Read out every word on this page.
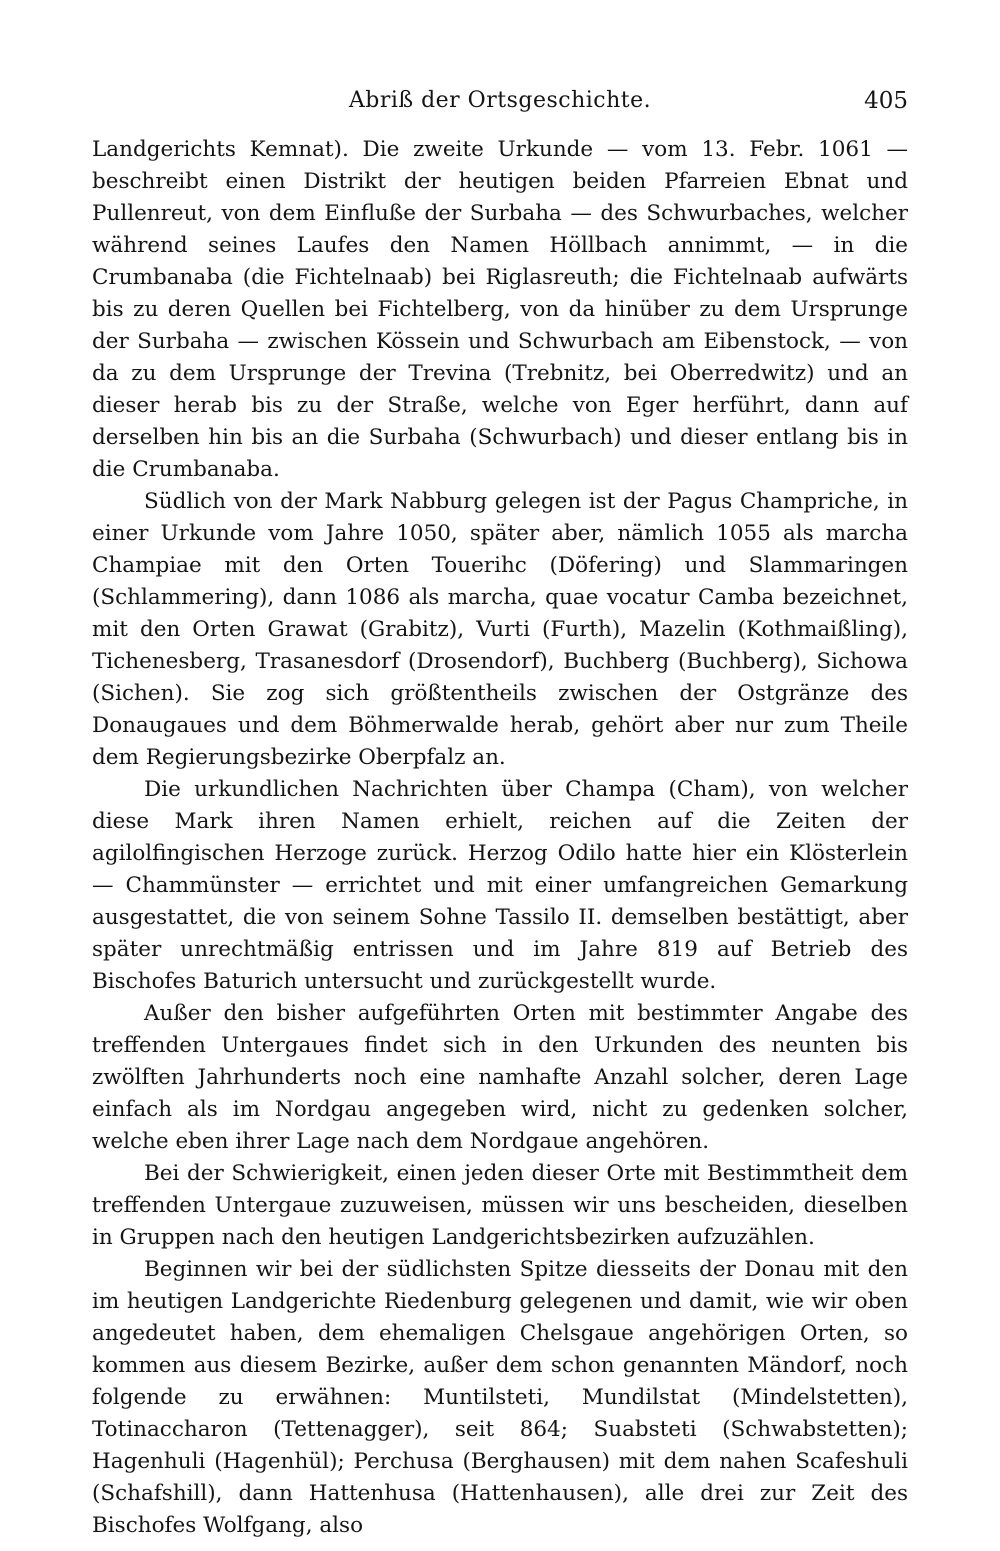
Abriß der Ortsgeschichte.	405

Landgerichts Kemnat). Die zweite Urkunde — vom 13. Febr. 1061 — beschreibt einen Distrikt der heutigen beiden Pfarreien Ebnat und Pullenreut, von dem Einfluße der Surbaha — des Schwurbaches, welcher während seines Laufes den Namen Höllbach annimmt, — in die Crumbanaba (die Fichtelnaab) bei Riglasreuth; die Fichtelnaab aufwärts bis zu deren Quellen bei Fichtelberg, von da hinüber zu dem Ursprunge der Surbaha — zwischen Kössein und Schwurbach am Eibenstock, — von da zu dem Ursprunge der Trevina (Trebnitz, bei Oberredwitz) und an dieser herab bis zu der Straße, welche von Eger herführt, dann auf derselben hin bis an die Surbaha (Schwurbach) und dieser entlang bis in die Crumbanaba.

Südlich von der Mark Nabburg gelegen ist der Pagus Champriche, in einer Urkunde vom Jahre 1050, später aber, nämlich 1055 als marcha Champiae mit den Orten Touerihc (Döfering) und Slammaringen (Schlammering), dann 1086 als marcha, quae vocatur Camba bezeichnet, mit den Orten Grawat (Grabitz), Vurti (Furth), Mazelin (Kothmaißling), Tichenesberg, Trasanesdorf (Drosendorf), Buchberg (Buchberg), Sichowa (Sichen). Sie zog sich größtentheils zwischen der Ostgränze des Donaugaues und dem Böhmerwalde herab, gehört aber nur zum Theile dem Regierungsbezirke Oberpfalz an.

Die urkundlichen Nachrichten über Champa (Cham), von welcher diese Mark ihren Namen erhielt, reichen auf die Zeiten der agilolfingischen Herzoge zurück. Herzog Odilo hatte hier ein Klösterlein — Chammünster — errichtet und mit einer umfangreichen Gemarkung ausgestattet, die von seinem Sohne Tassilo II. demselben bestättigt, aber später unrechtmäßig entrissen und im Jahre 819 auf Betrieb des Bischofes Baturich untersucht und zurückgestellt wurde.

Außer den bisher aufgeführten Orten mit bestimmter Angabe des treffenden Untergaues findet sich in den Urkunden des neunten bis zwölften Jahrhunderts noch eine namhafte Anzahl solcher, deren Lage einfach als im Nordgau angegeben wird, nicht zu gedenken solcher, welche eben ihrer Lage nach dem Nordgaue angehören.

Bei der Schwierigkeit, einen jeden dieser Orte mit Bestimmtheit dem treffenden Untergaue zuzuweisen, müssen wir uns bescheiden, dieselben in Gruppen nach den heutigen Landgerichtsbezirken aufzuzählen.

Beginnen wir bei der südlichsten Spitze diesseits der Donau mit den im heutigen Landgerichte Riedenburg gelegenen und damit, wie wir oben angedeutet haben, dem ehemaligen Chelsgaue angehörigen Orten, so kommen aus diesem Bezirke, außer dem schon genannten Mändorf, noch folgende zu erwähnen: Muntilsteti, Mundilstat (Mindelstetten), Totinaccharon (Tettenagger), seit 864; Suabsteti (Schwabstetten); Hagenhuli (Hagenhül); Perchusa (Berghausen) mit dem nahen Scafeshuli (Schafshill), dann Hattenhusa (Hattenhausen), alle drei zur Zeit des Bischofes Wolfgang, also
